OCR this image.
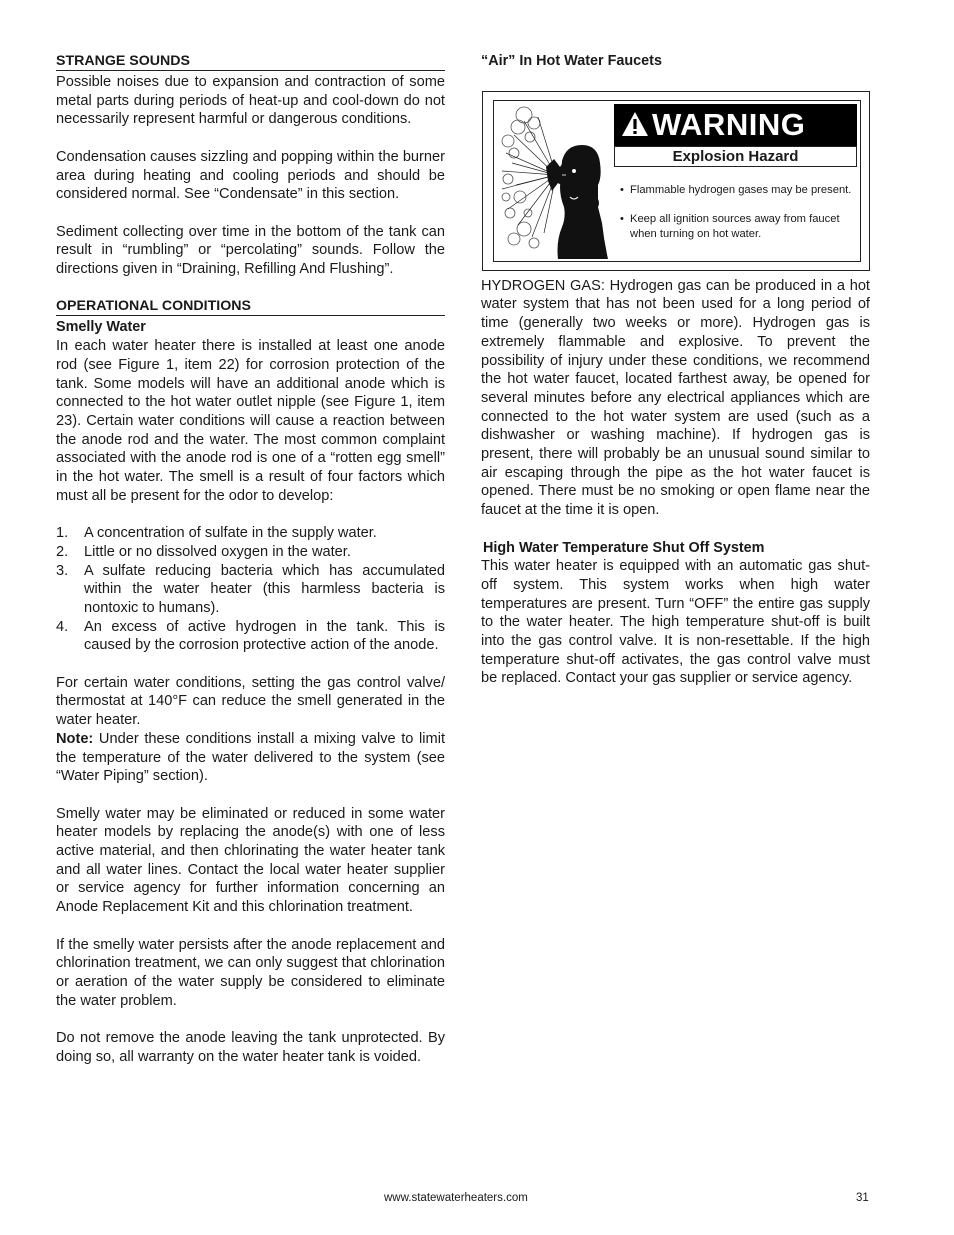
STRANGE SOUNDS

Possible noises due to expansion and contraction of some metal parts during periods of heat-up and cool-down do not necessarily represent harmful or dangerous conditions.

Condensation causes sizzling and popping within the burner area during heating and cooling periods and should be considered normal. See “Condensate” in this section.

Sediment collecting over time in the bottom of the tank can result in “rumbling” or “percolating” sounds. Follow the directions given in “Draining, Refilling And Flushing”.

OPERATIONAL CONDITIONS
Smelly Water

In each water heater there is installed at least one anode rod (see Figure 1, item 22) for corrosion protection of the tank. Some models will have an additional anode which is connected to the hot water outlet nipple (see Figure 1, item 23). Certain water conditions will cause a reaction between the anode rod and the water. The most common complaint associated with the anode rod is one of a “rotten egg smell” in the hot water. The smell is a result of four factors which must all be present for the odor to develop:

1. A concentration of sulfate in the supply water.
2. Little or no dissolved oxygen in the water.
3. A sulfate reducing bacteria which has accumulated within the water heater (this harmless bacteria is nontoxic to humans).
4. An excess of active hydrogen in the tank. This is caused by the corrosion protective action of the anode.

For certain water conditions, setting the gas control valve/ thermostat at 140°F can reduce the smell generated in the water heater.

Note: Under these conditions install a mixing valve to limit the temperature of the water delivered to the system (see “Water Piping” section).

Smelly water may be eliminated or reduced in some water heater models by replacing the anode(s) with one of less active material, and then chlorinating the water heater tank and all water lines. Contact the local water heater supplier or service agency for further information concerning an Anode Replacement Kit and this chlorination treatment.

If the smelly water persists after the anode replacement and chlorination treatment, we can only suggest that chlorination or aeration of the water supply be considered to eliminate the water problem.

Do not remove the anode leaving the tank unprotected. By doing so, all warranty on the water heater tank is voided.

“Air” In Hot Water Faucets
WARNING
Explosion Hazard
• Flammable hydrogen gases may be present.
• Keep all ignition sources away from faucet when turning on hot water.

HYDROGEN GAS: Hydrogen gas can be produced in a hot water system that has not been used for a long period of time (generally two weeks or more). Hydrogen gas is extremely flammable and explosive. To prevent the possibility of injury under these conditions, we recommend the hot water faucet, located farthest away, be opened for several minutes before any electrical appliances which are connected to the hot water system are used (such as a dishwasher or washing machine). If hydrogen gas is present, there will probably be an unusual sound similar to air escaping through the pipe as the hot water faucet is opened. There must be no smoking or open flame near the faucet at the time it is open.

High Water Temperature Shut Off System

This water heater is equipped with an automatic gas shut-off system. This system works when high water temperatures are present. Turn “OFF” the entire gas supply to the water heater. The high temperature shut-off is built into the gas control valve. It is non-resettable. If the high temperature shut-off activates, the gas control valve must be replaced. Contact your gas supplier or service agency.

www.statewaterheaters.com	31
